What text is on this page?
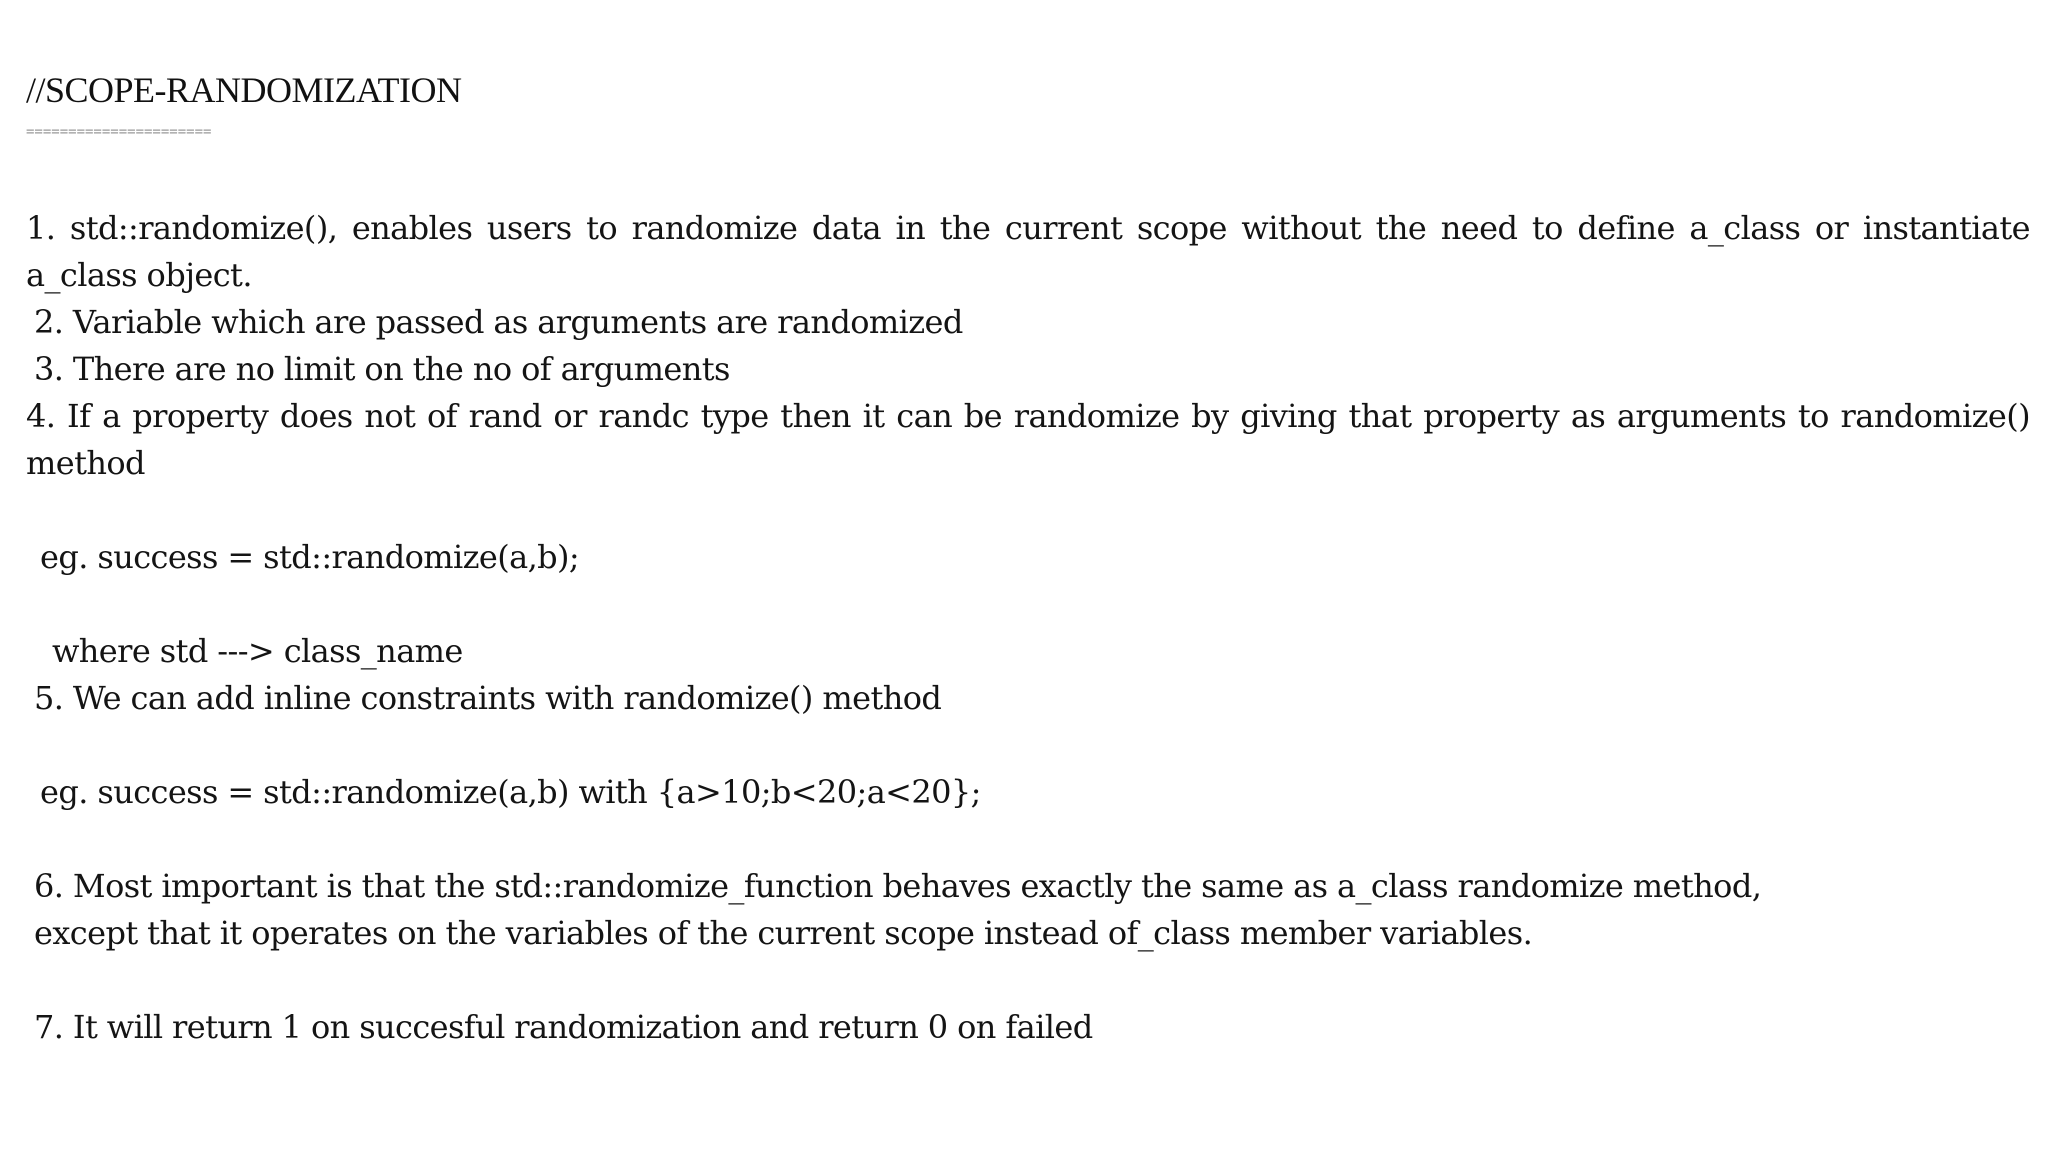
//SCOPE-RANDOMIZATION
======================
1. std::randomize(), enables users to randomize data in the current scope without the need to define a_class or instantiate
a_class object.
2. Variable which are passed as arguments are randomized
3. There are no limit on the no of arguments
4. If a property does not of rand or randc type then it can be randomize by giving that property as arguments to randomize()
method
eg. success = std::randomize(a,b);
where std ---> class_name
5. We can add inline constraints with randomize() method
eg. success = std::randomize(a,b) with {a>10;b<20;a<20};
6. Most important is that the std::randomize_function behaves exactly the same as a_class randomize method,
except that it operates on the variables of the current scope instead of_class member variables.
7. It will return 1 on succesful randomization and return 0 on failed
